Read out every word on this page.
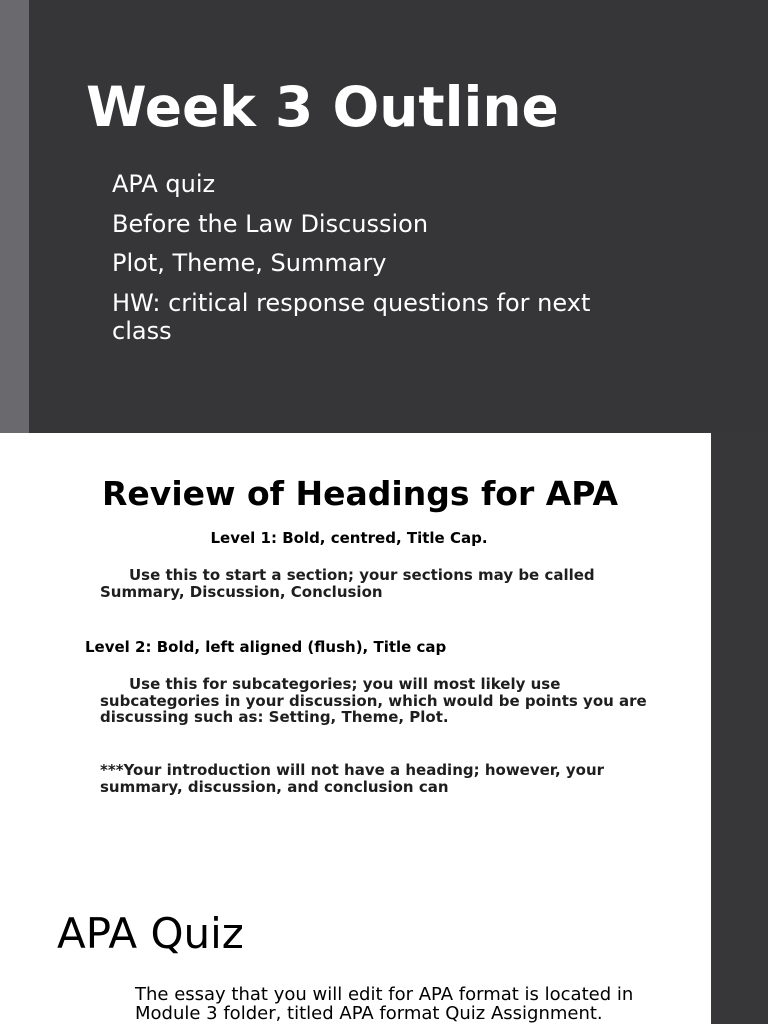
Week 3 Outline
APA quiz
Before the Law Discussion
Plot, Theme, Summary
HW: critical response questions for next class
Review of Headings for APA

Level 1: Bold, centred, Title Cap.

Use this to start a section; your sections may be called Summary, Discussion, Conclusion

Level 2: Bold, left aligned (flush), Title cap

Use this for subcategories; you will most likely use subcategories in your discussion, which would be points you are discussing such as: Setting, Theme, Plot.

***Your introduction will not have a heading; however, your summary, discussion, and conclusion can

APA Quiz

The essay that you will edit for APA format is located in Module 3 folder, titled APA format Quiz Assignment.
